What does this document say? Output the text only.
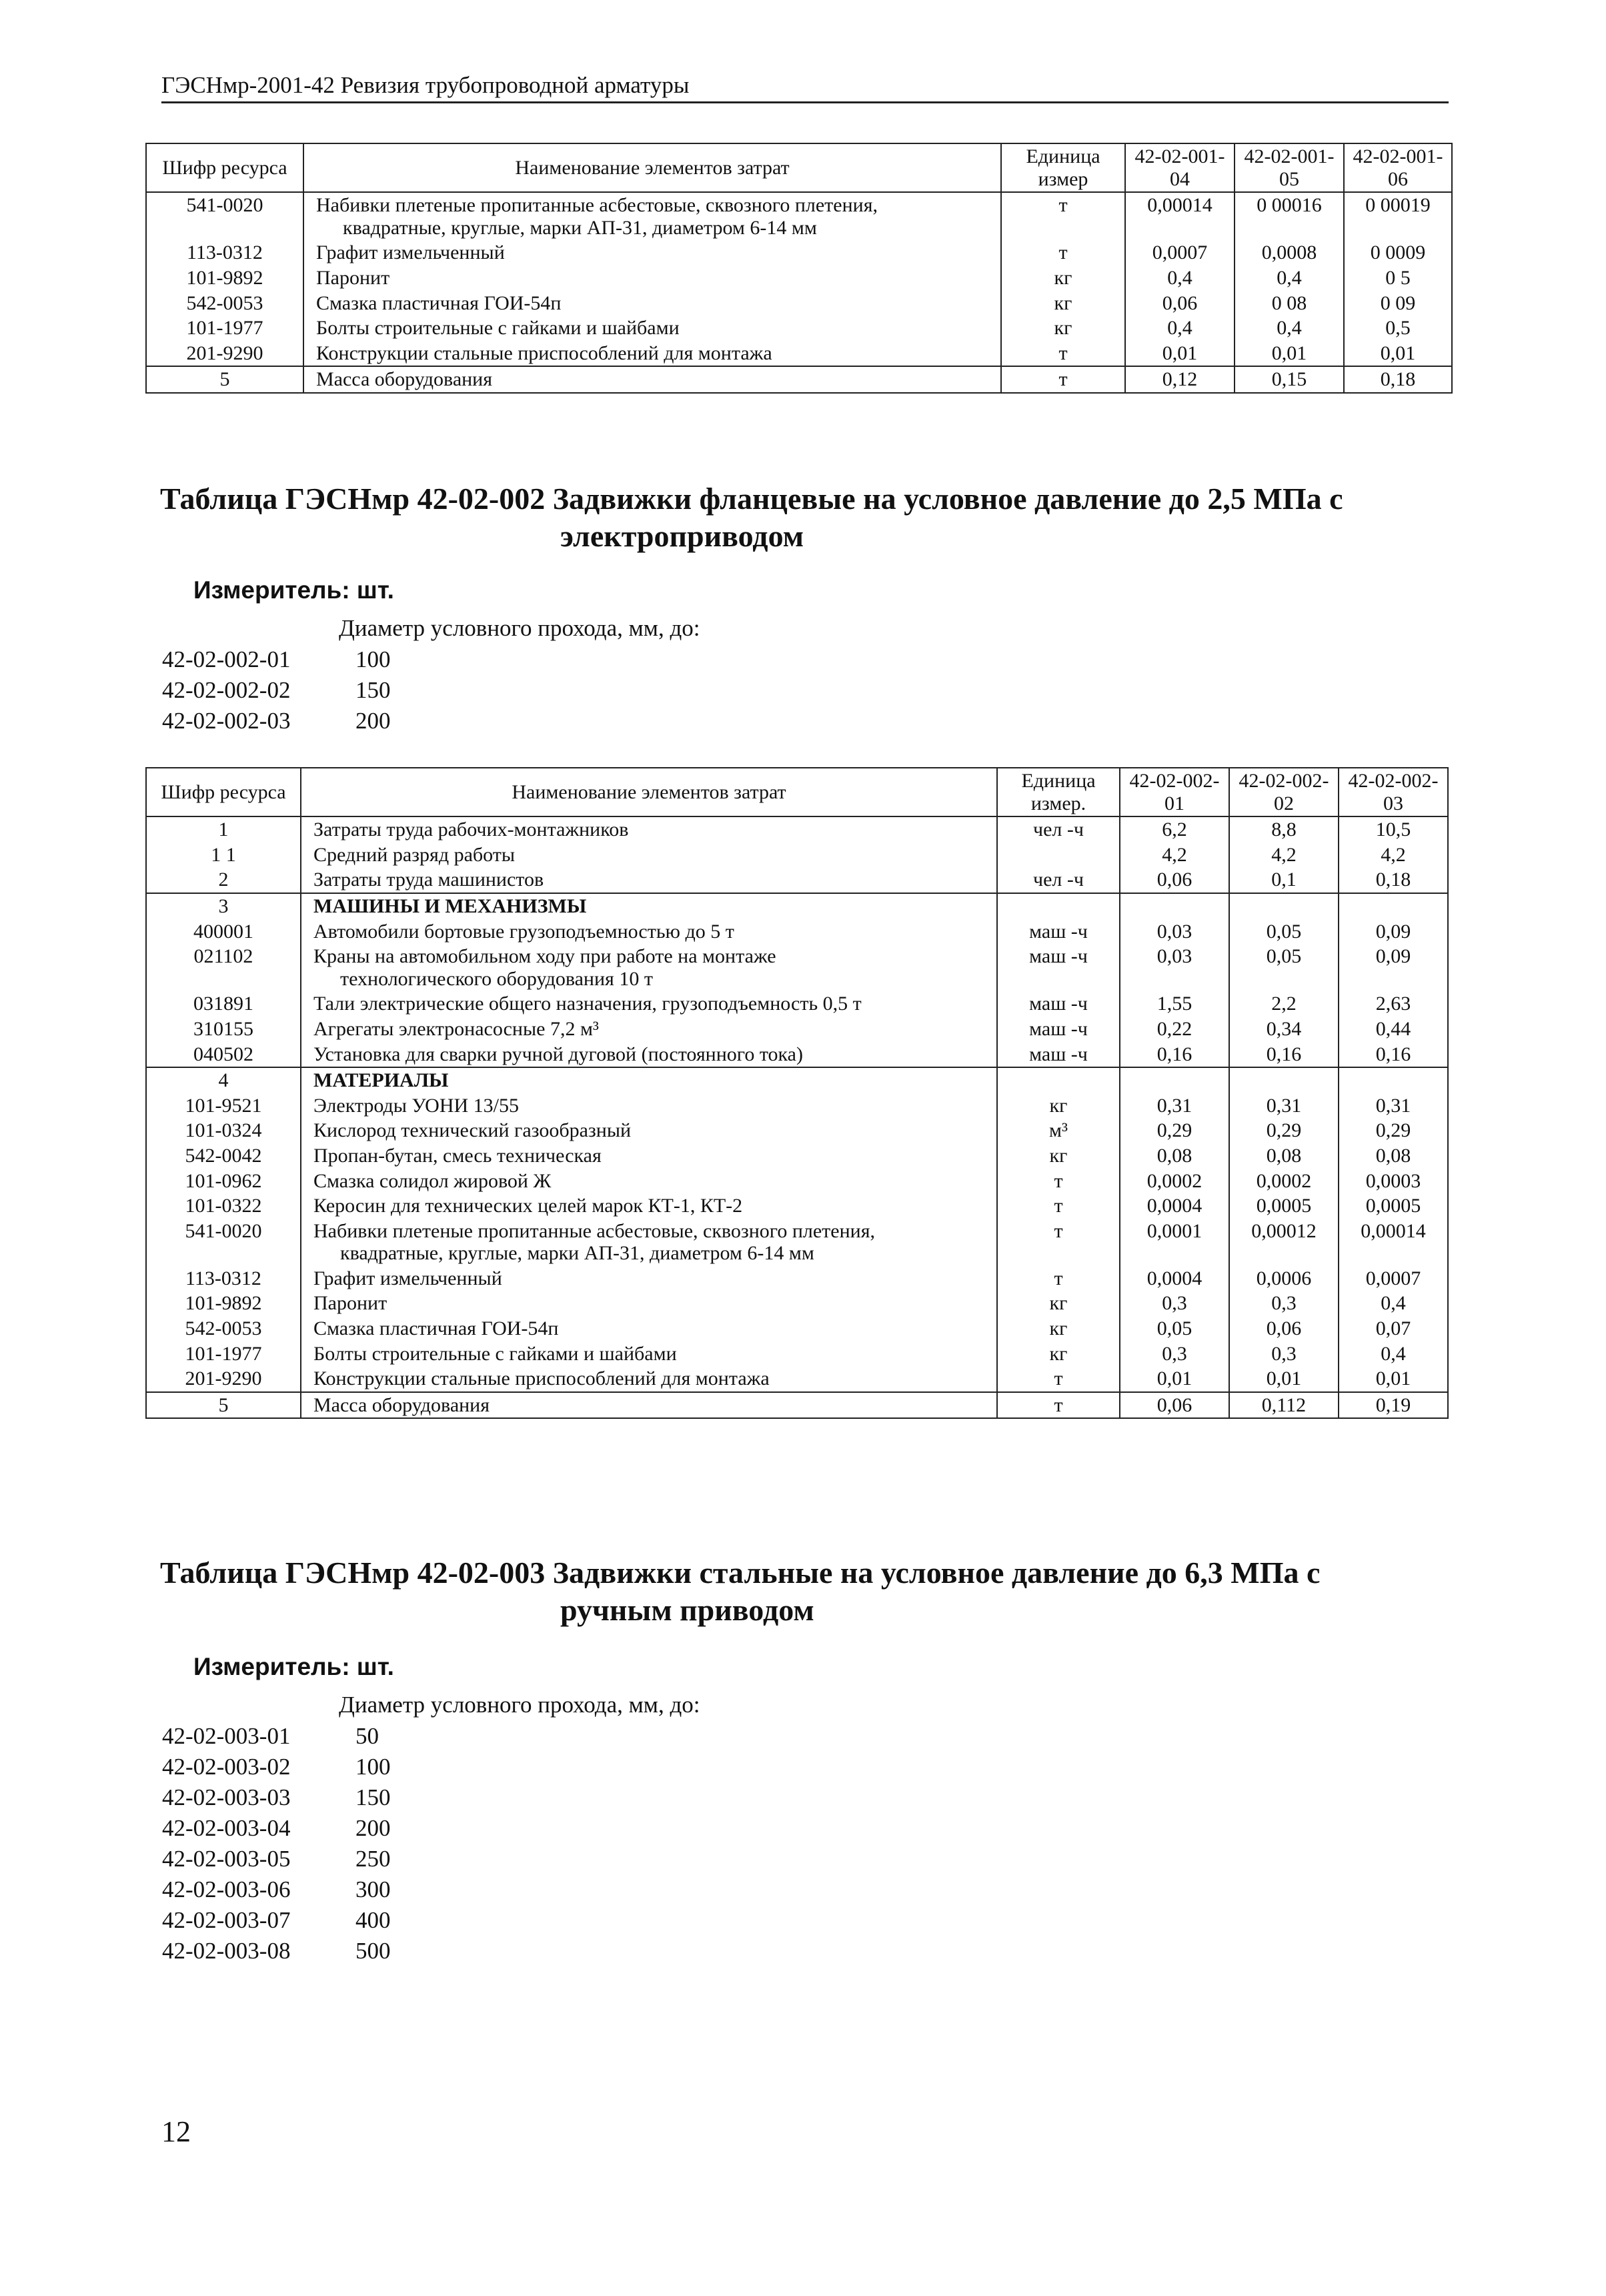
ГЭСНмр-2001-42 Ревизия трубопроводной арматуры
Шифр ресурса	Наименование элементов затрат	Единица измер	42-02-001-04	42-02-001-05	42-02-001-06
541-0020	Набивки плетеные пропитанные асбестовые, сквозного плетения,
квадратные, круглые, марки АП-31, диаметром 6-14 мм	т	0,00014	0 00016	0 00019
113-0312	Графит измельченный	т	0,0007	0,0008	0 0009
101-9892	Паронит	кг	0,4	0,4	0 5
542-0053	Смазка пластичная ГОИ-54п	кг	0,06	0 08	0 09
101-1977	Болты строительные с гайками и шайбами	кг	0,4	0,4	0,5
201-9290	Конструкции стальные приспособлений для монтажа	т	0,01	0,01	0,01
5	Масса оборудования	т	0,12	0,15	0,18
Таблица ГЭСНмр 42-02-002 Задвижки фланцевые на условное давление до 2,5 МПа с
электроприводом
Измеритель: шт.
Диаметр условного прохода, мм, до:
42-02-002-01	100
42-02-002-02	150
42-02-002-03	200
Шифр ресурса	Наименование элементов затрат	Единица измер.	42-02-002-01	42-02-002-02	42-02-002-03
1	Затраты труда рабочих-монтажников	чел -ч	6,2	8,8	10,5
1 1	Средний разряд работы		4,2	4,2	4,2
2	Затраты труда машинистов	чел -ч	0,06	0,1	0,18
3	МАШИНЫ И МЕХАНИЗМЫ				
400001	Автомобили бортовые грузоподъемностью до 5 т	маш -ч	0,03	0,05	0,09
021102	Краны на автомобильном ходу при работе на монтаже
технологического оборудования 10 т	маш -ч	0,03	0,05	0,09
031891	Тали электрические общего назначения, грузоподъемность 0,5 т	маш -ч	1,55	2,2	2,63
310155	Агрегаты электронасосные 7,2 м³	маш -ч	0,22	0,34	0,44
040502	Установка для сварки ручной дуговой (постоянного тока)	маш -ч	0,16	0,16	0,16
4	МАТЕРИАЛЫ				
101-9521	Электроды УОНИ 13/55	кг	0,31	0,31	0,31
101-0324	Кислород технический газообразный	м³	0,29	0,29	0,29
542-0042	Пропан-бутан, смесь техническая	кг	0,08	0,08	0,08
101-0962	Смазка солидол жировой Ж	т	0,0002	0,0002	0,0003
101-0322	Керосин для технических целей марок КТ-1, КТ-2	т	0,0004	0,0005	0,0005
541-0020	Набивки плетеные пропитанные асбестовые, сквозного плетения,
квадратные, круглые, марки АП-31, диаметром 6-14 мм	т	0,0001	0,00012	0,00014
113-0312	Графит измельченный	т	0,0004	0,0006	0,0007
101-9892	Паронит	кг	0,3	0,3	0,4
542-0053	Смазка пластичная ГОИ-54п	кг	0,05	0,06	0,07
101-1977	Болты строительные с гайками и шайбами	кг	0,3	0,3	0,4
201-9290	Конструкции стальные приспособлений для монтажа	т	0,01	0,01	0,01
5	Масса оборудования	т	0,06	0,112	0,19
Таблица ГЭСНмр 42-02-003 Задвижки стальные на условное давление до 6,3 МПа с
ручным приводом
Измеритель: шт.
Диаметр условного прохода, мм, до:
42-02-003-01	50
42-02-003-02	100
42-02-003-03	150
42-02-003-04	200
42-02-003-05	250
42-02-003-06	300
42-02-003-07	400
42-02-003-08	500
12
